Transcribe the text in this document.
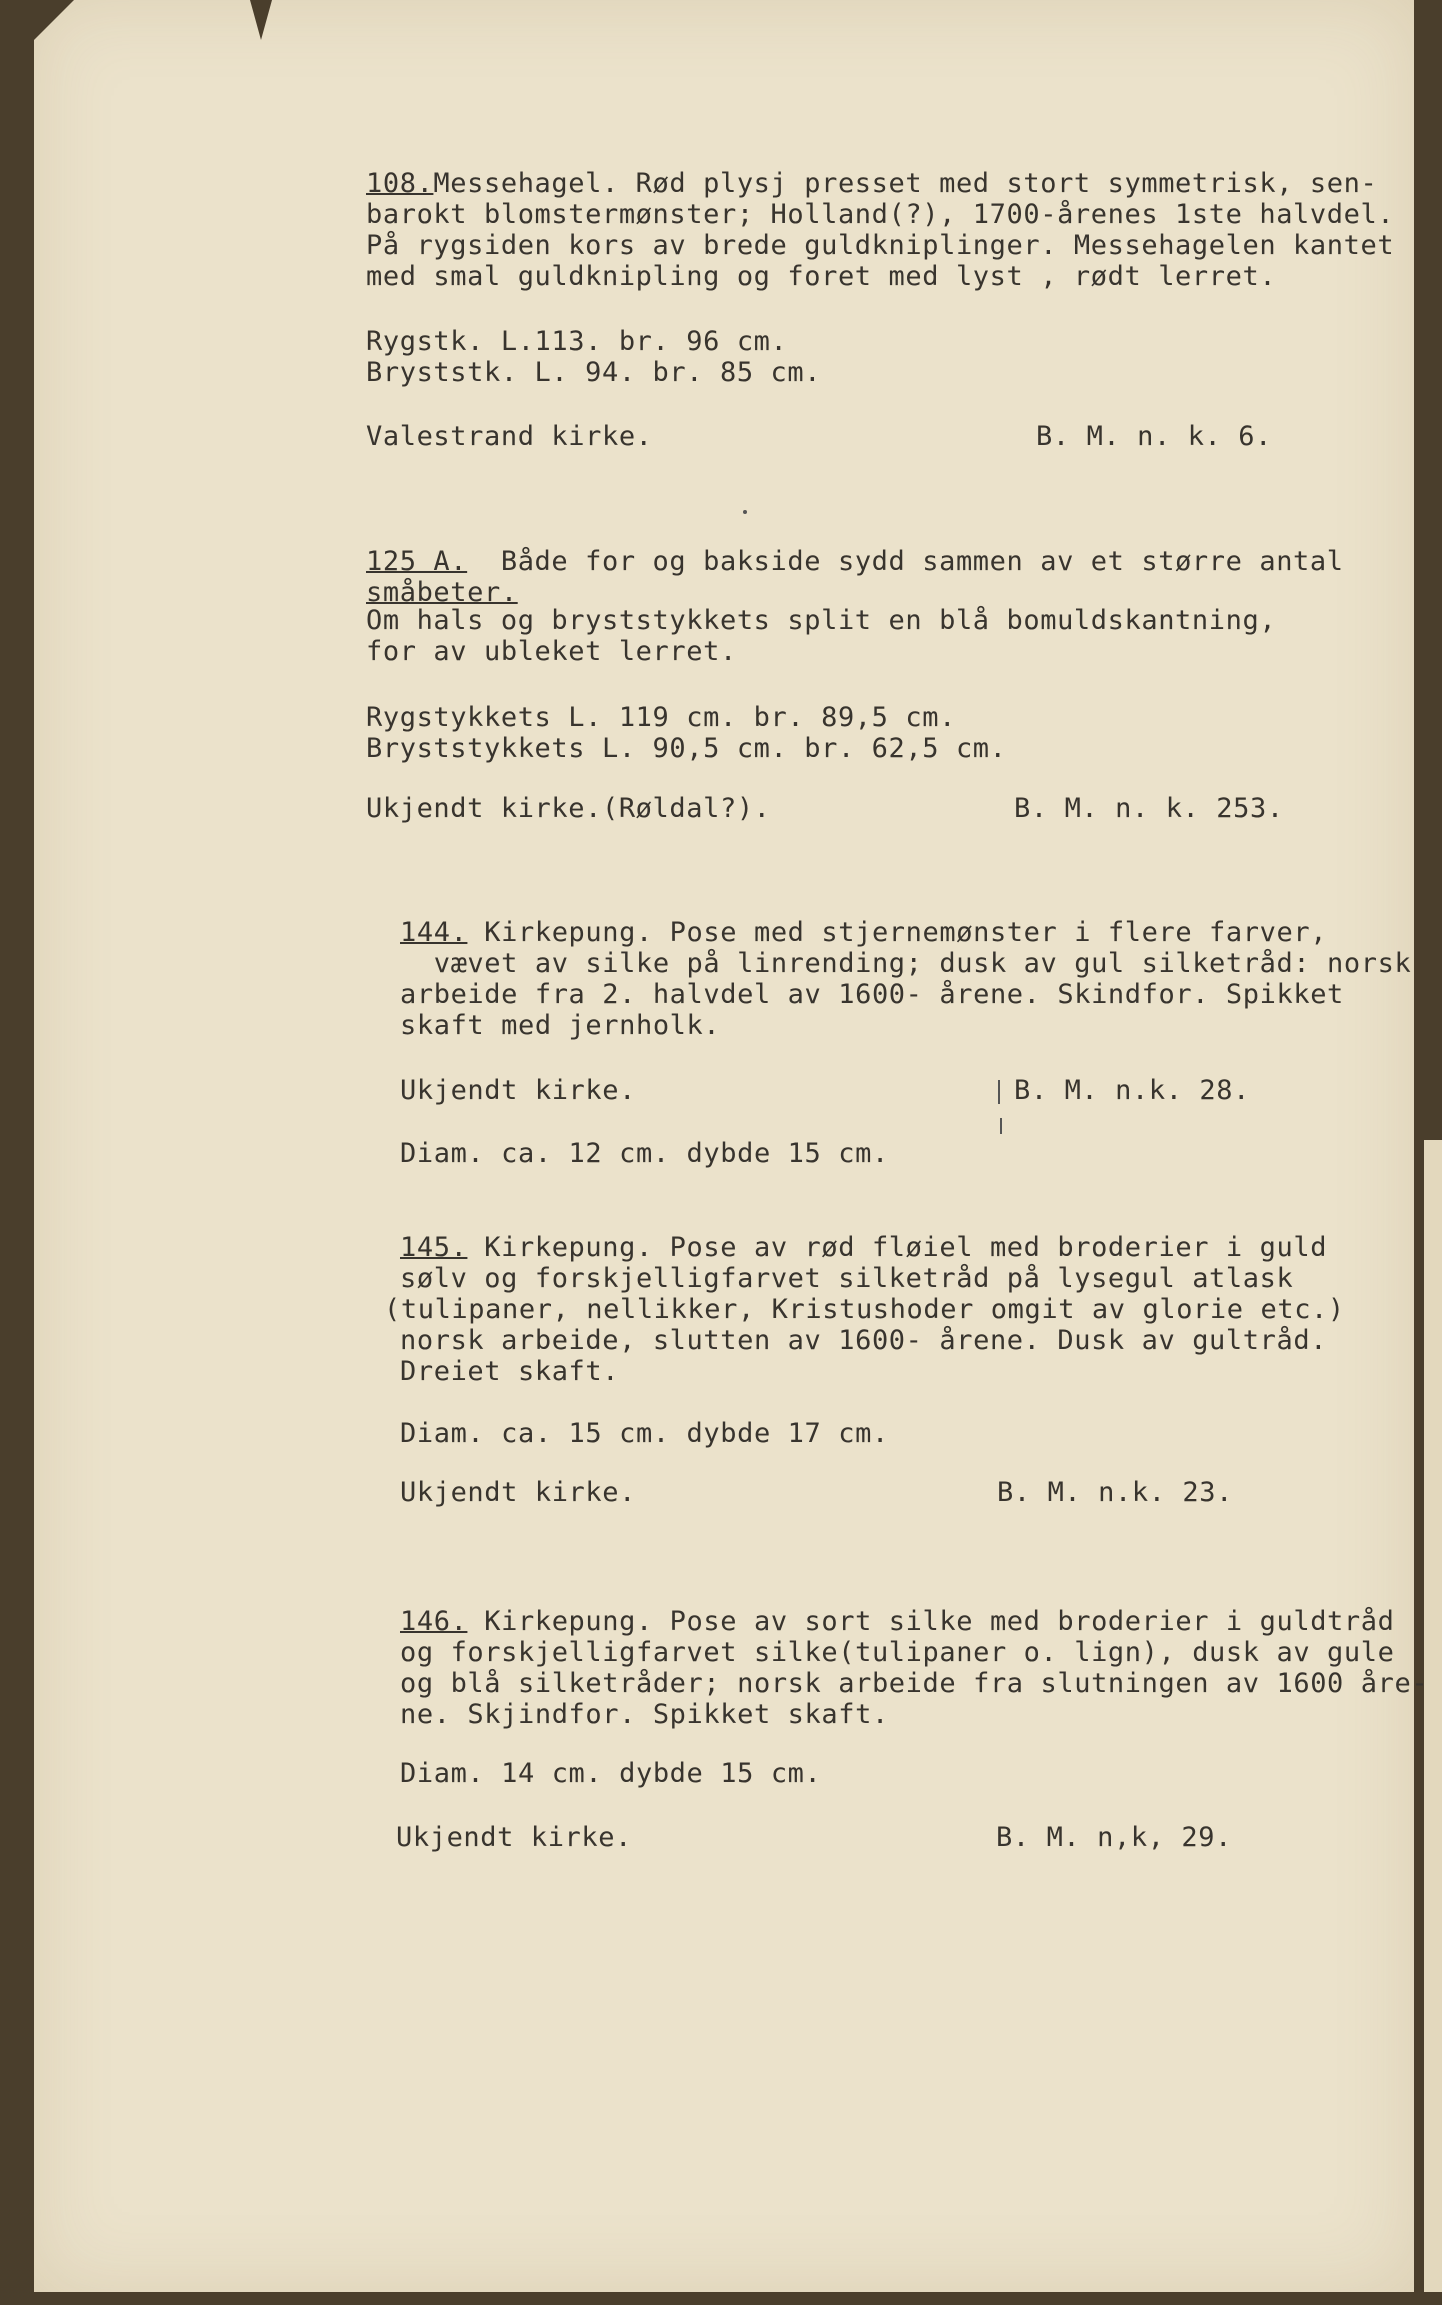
108.Messehagel. Rød plysj presset med stort symmetrisk, sen-
barokt blomstermønster; Holland(?), 1700-årenes 1ste halvdel.
På rygsiden kors av brede guldkniplinger. Messehagelen kantet
med smal guldknipling og foret med lyst , rødt lerret.
Rygstk. L.113. br. 96 cm.
Bryststk. L. 94. br. 85 cm.
Valestrand kirke.	B. M. n. k. 6.
125 A.  Både for og bakside sydd sammen av et større antal
småbeter.
Om hals og bryststykkets split en blå bomuldskantning,
for av ubleket lerret.
Rygstykkets L. 119 cm. br. 89,5 cm.
Bryststykkets L. 90,5 cm. br. 62,5 cm.
Ukjendt kirke.(Røldal?).	B. M. n. k. 253.
144. Kirkepung. Pose med stjernemønster i flere farver,
vævet av silke på linrending; dusk av gul silketråd: norsk
arbeide fra 2. halvdel av 1600- årene. Skindfor. Spikket
skaft med jernholk.
Ukjendt kirke.	B. M. n.k. 28.
Diam. ca. 12 cm. dybde 15 cm.
145. Kirkepung. Pose av rød fløiel med broderier i guld
sølv og forskjelligfarvet silketråd på lysegul atlask
(tulipaner, nellikker, Kristushoder omgit av glorie etc.)
norsk arbeide, slutten av 1600- årene. Dusk av gultråd.
Dreiet skaft.
Diam. ca. 15 cm. dybde 17 cm.
Ukjendt kirke.	B. M. n.k. 23.
146. Kirkepung. Pose av sort silke med broderier i guldtråd
og forskjelligfarvet silke(tulipaner o. lign), dusk av gule
og blå silketråder; norsk arbeide fra slutningen av 1600 åre-
ne. Skjindfor. Spikket skaft.
Diam. 14 cm. dybde 15 cm.
Ukjendt kirke.	B. M. n,k, 29.
